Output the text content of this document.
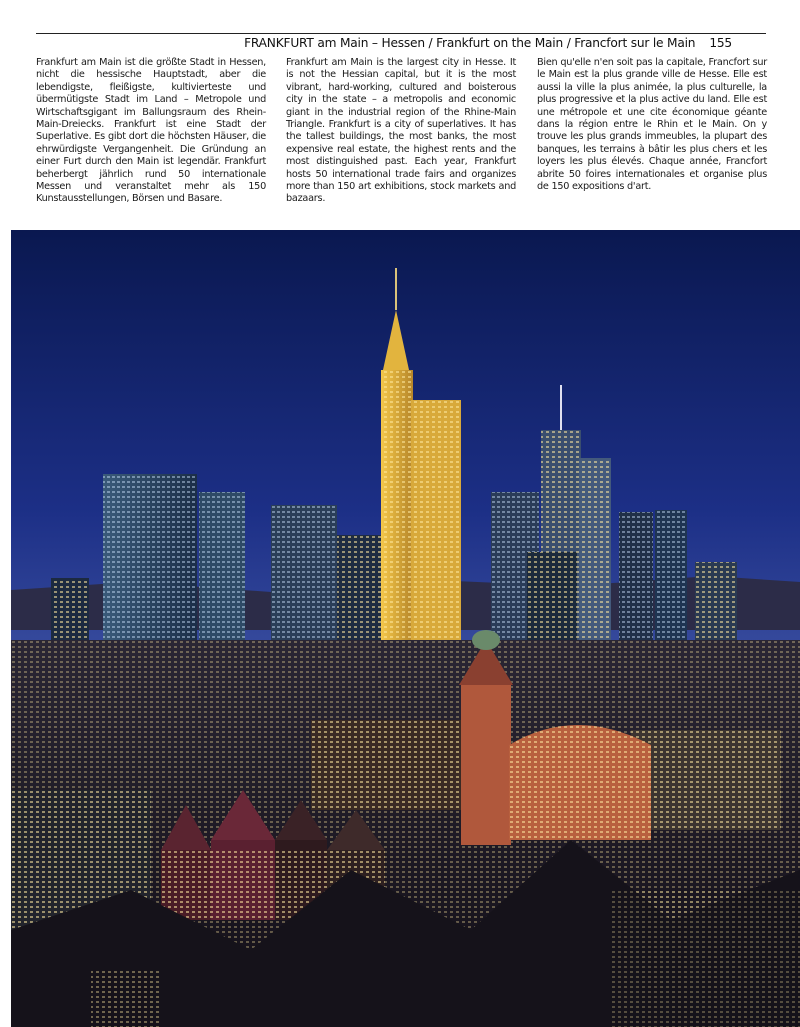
FRANKFURT am Main – Hessen / Frankfurt on the Main / Francfort sur le Main 155
Frankfurt am Main ist die größte Stadt in Hessen, nicht die hessische Hauptstadt, aber die lebendigste, fleißigste, kultivierteste und übermütigste Stadt im Land – Metropole und Wirtschaftsgigant im Ballungsraum des Rhein-Main-Dreiecks. Frankfurt ist eine Stadt der Superlative. Es gibt dort die höchsten Häuser, die ehrwürdigste Vergangenheit. Die Gründung an einer Furt durch den Main ist legendär. Frankfurt beherbergt jährlich rund 50 internationale Messen und veranstaltet mehr als 150 Kunstausstellungen, Börsen und Basare.
Frankfurt am Main is the largest city in Hesse. It is not the Hessian capital, but it is the most vibrant, hard-working, cultured and boisterous city in the state – a metropolis and economic giant in the industrial region of the Rhine-Main Triangle. Frankfurt is a city of superlatives. It has the tallest buildings, the most banks, the most expensive real estate, the highest rents and the most distinguished past. Each year, Frankfurt hosts 50 international trade fairs and organizes more than 150 art exhibitions, stock markets and bazaars.
Bien qu'elle n'en soit pas la capitale, Francfort sur le Main est la plus grande ville de Hesse. Elle est aussi la ville la plus animée, la plus culturelle, la plus progressive et la plus active du land. Elle est une métropole et une cite économique géante dans la région entre le Rhin et le Main. On y trouve les plus grands immeubles, la plupart des banques, les terrains à bâtir les plus chers et les loyers les plus élevés. Chaque année, Francfort abrite 50 foires internationales et organise plus de 150 expositions d'art.
